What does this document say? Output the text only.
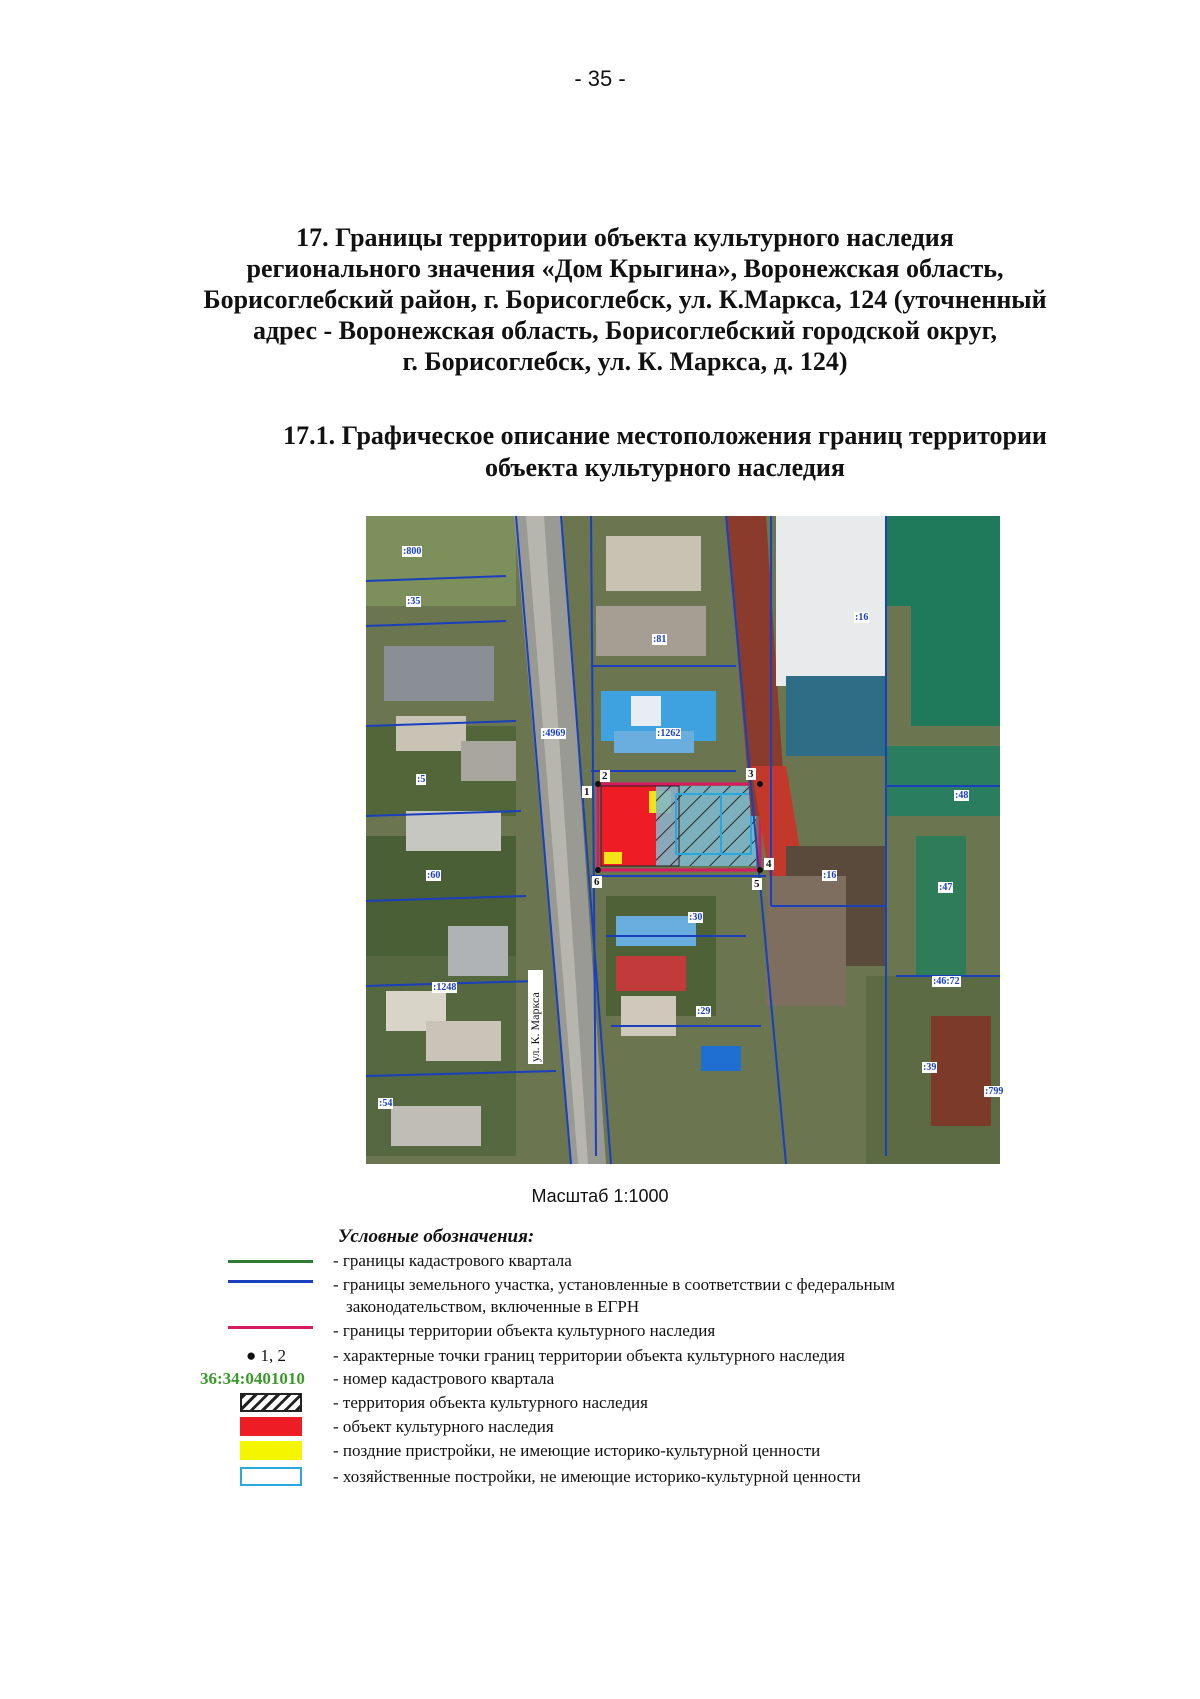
- 35 -
17. Границы территории объекта культурного наследия
регионального значения «Дом Крыгина», Воронежская область,
Борисоглебский район, г. Борисоглебск, ул. К.Маркса, 124 (уточненный
адрес - Воронежская область, Борисоглебский городской округ,
г. Борисоглебск, ул. К. Маркса, д. 124)
17.1. Графическое описание местоположения границ территории
объекта культурного наследия
:800
:35
:16
:81
:1262
:4969
:5
:48
:60
:47
:16
:30
:46:72
:1248
:29
:39
:799
:54
1
2	3
4
5
6
ул. К. Маркса
Масштаб 1:1000
Условные обозначения:
- границы кадастрового квартала
- границы земельного участка, установленные в соответствии с федеральным
законодательством, включенные в ЕГРН
- границы территории объекта культурного наследия
● 1, 2	- характерные точки границ территории объекта культурного наследия
36:34:0401010 - номер кадастрового квартала
- территория объекта культурного наследия
- объект культурного наследия
- поздние пристройки, не имеющие историко-культурной ценности
- хозяйственные постройки, не имеющие историко-культурной ценности
